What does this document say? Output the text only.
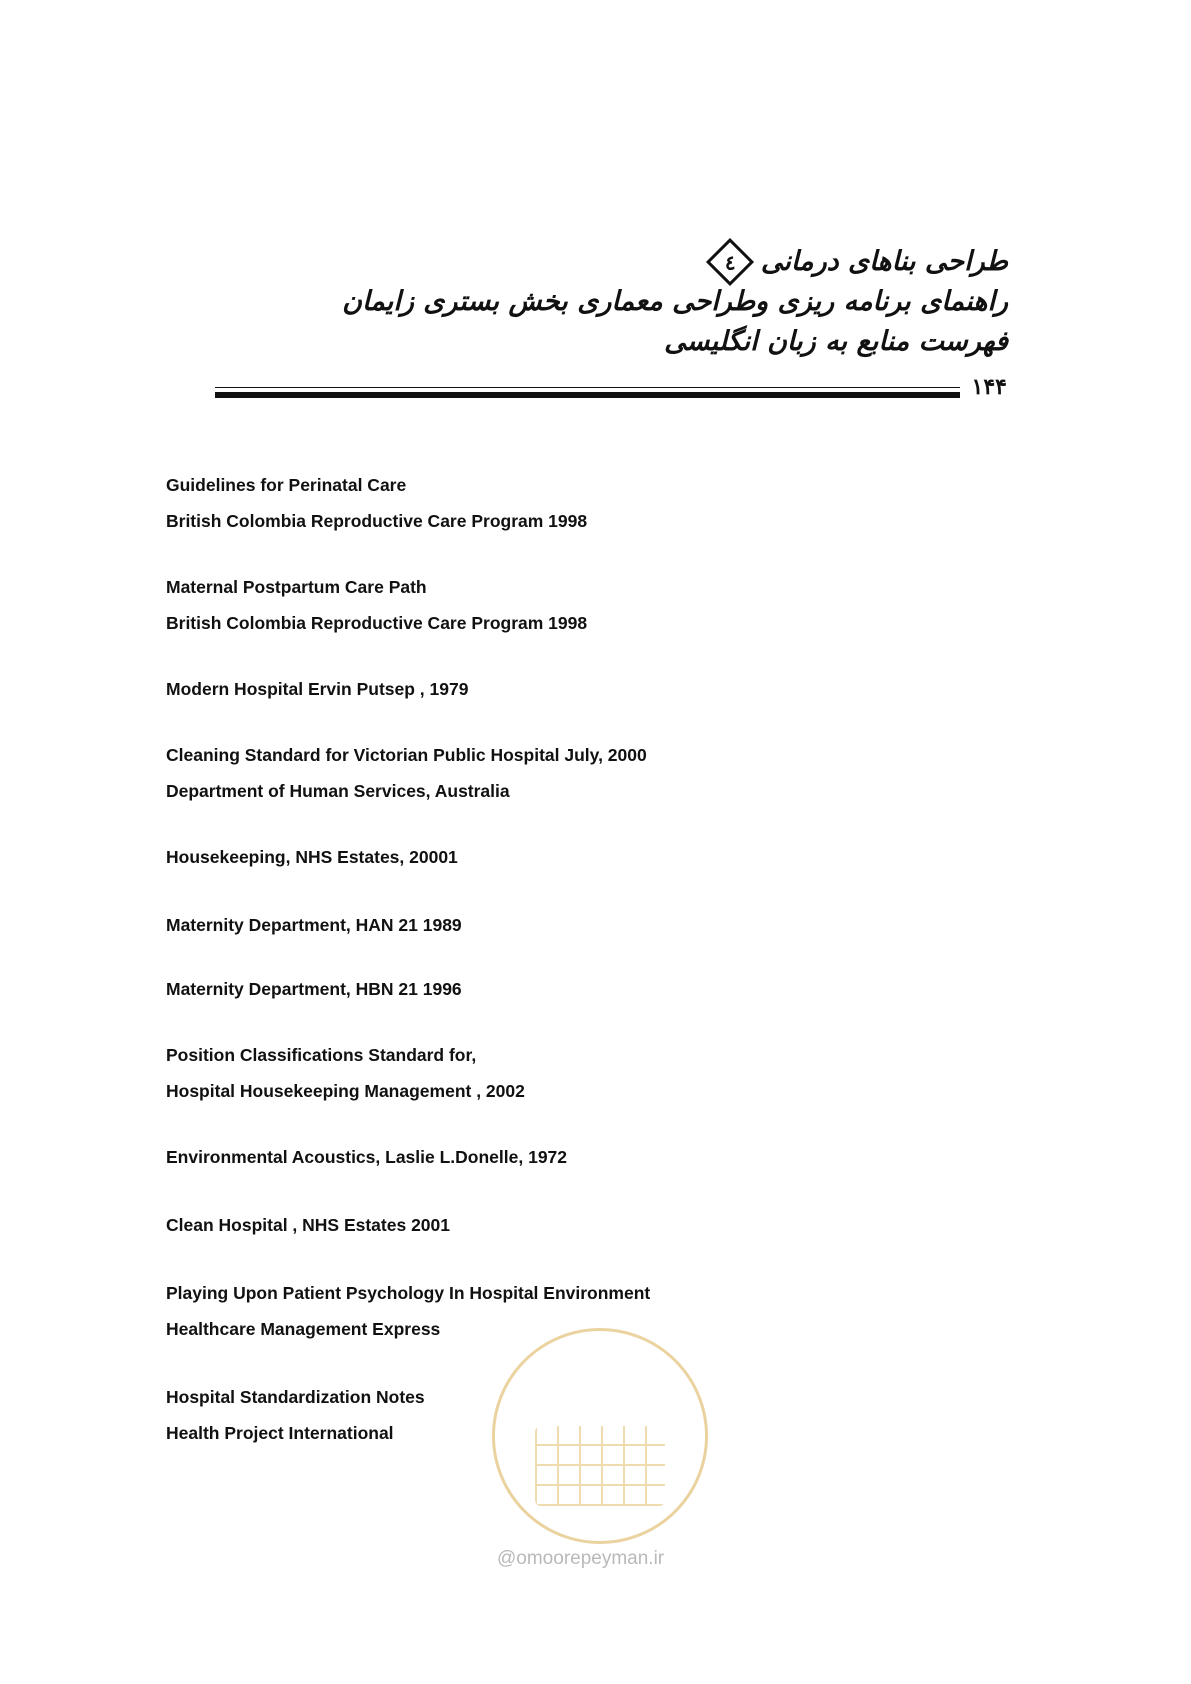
طراحی بناهای درمانی
٤
راهنمای برنامه ریزی وطراحی معماری بخش بستری زایمان
فهرست منابع به زبان انگلیسی
۱۴۴
Guidelines for Perinatal Care
British Colombia Reproductive Care Program 1998
Maternal Postpartum Care Path
British Colombia Reproductive Care Program 1998
Modern Hospital Ervin Putsep , 1979
Cleaning Standard for Victorian Public Hospital July, 2000
Department of Human Services, Australia
Housekeeping, NHS Estates, 20001
Maternity Department, HAN 21 1989
Maternity Department, HBN 21 1996
Position Classifications Standard for,
Hospital Housekeeping Management , 2002
Environmental Acoustics, Laslie L.Donelle, 1972
Clean Hospital , NHS Estates 2001
Playing Upon Patient Psychology In Hospital Environment
Healthcare Management Express
Hospital Standardization Notes
Health Project International
@omoorepeyman.ir
